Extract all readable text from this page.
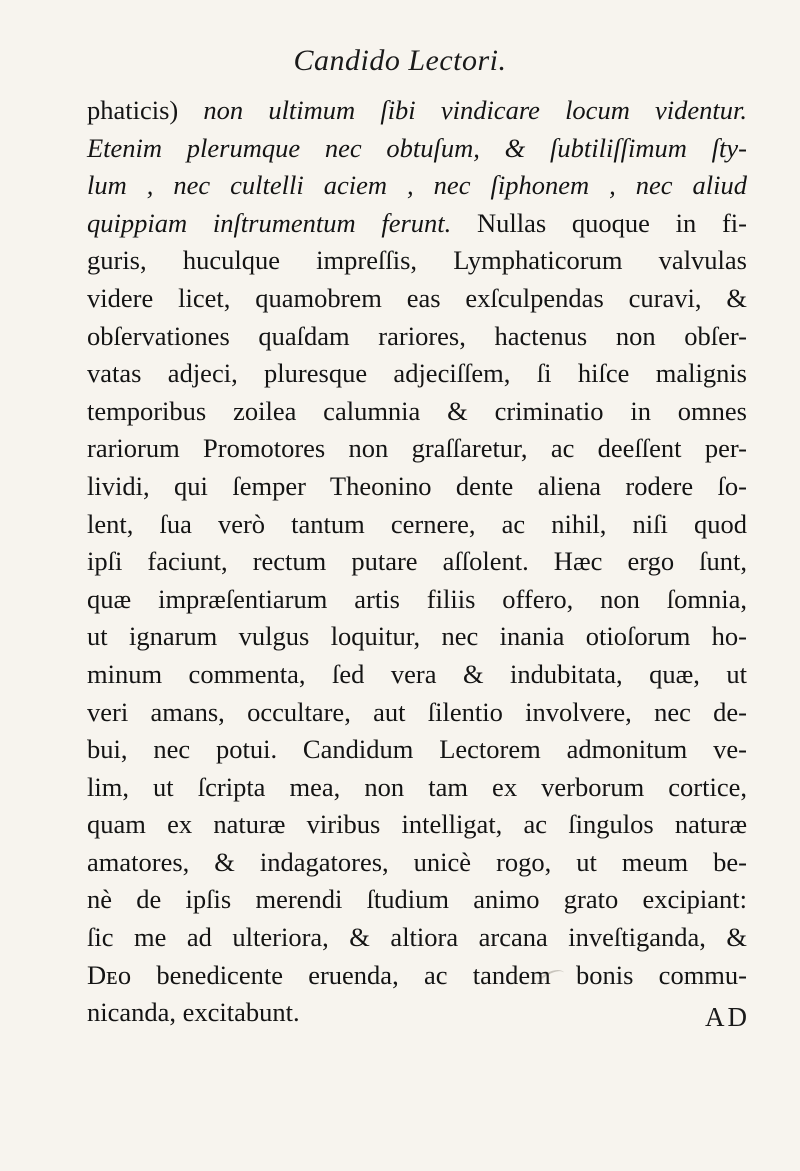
Candido Lectori.
phaticis) non ultimum ſibi vindicare locum videntur.
Etenim plerumque nec obtuſum, & ſubtiliſſimum ſty-
lum , nec cultelli aciem , nec ſiphonem , nec aliud
quippiam inſtrumentum ferunt. Nullas quoque in fi-
guris, huculque impreſſis, Lymphaticorum valvulas
videre licet, quamobrem eas exſculpendas curavi, &
obſervationes quaſdam rariores, hactenus non obſer-
vatas adjeci, pluresque adjeciſſem, ſi hiſce malignis
temporibus zoilea calumnia & criminatio in omnes
rariorum Promotores non graſſaretur, ac deeſſent per-
lividi, qui ſemper Theonino dente aliena rodere ſo-
lent, ſua verò tantum cernere, ac nihil, niſi quod
ipſi faciunt, rectum putare aſſolent. Hæc ergo ſunt,
quæ impræſentiarum artis filiis offero, non ſomnia,
ut ignarum vulgus loquitur, nec inania otioſorum ho-
minum commenta, ſed vera & indubitata, quæ, ut
veri amans, occultare, aut ſilentio involvere, nec de-
bui, nec potui. Candidum Lectorem admonitum ve-
lim, ut ſcripta mea, non tam ex verborum cortice,
quam ex naturæ viribus intelligat, ac ſingulos naturæ
amatores, & indagatores, unicè rogo, ut meum be-
nè de ipſis merendi ſtudium animo grato excipiant:
ſic me ad ulteriora, & altiora arcana inveſtiganda, &
Dᴇo benedicente eruenda, ac tandem bonis commu-
nicanda, excitabunt.	AD
